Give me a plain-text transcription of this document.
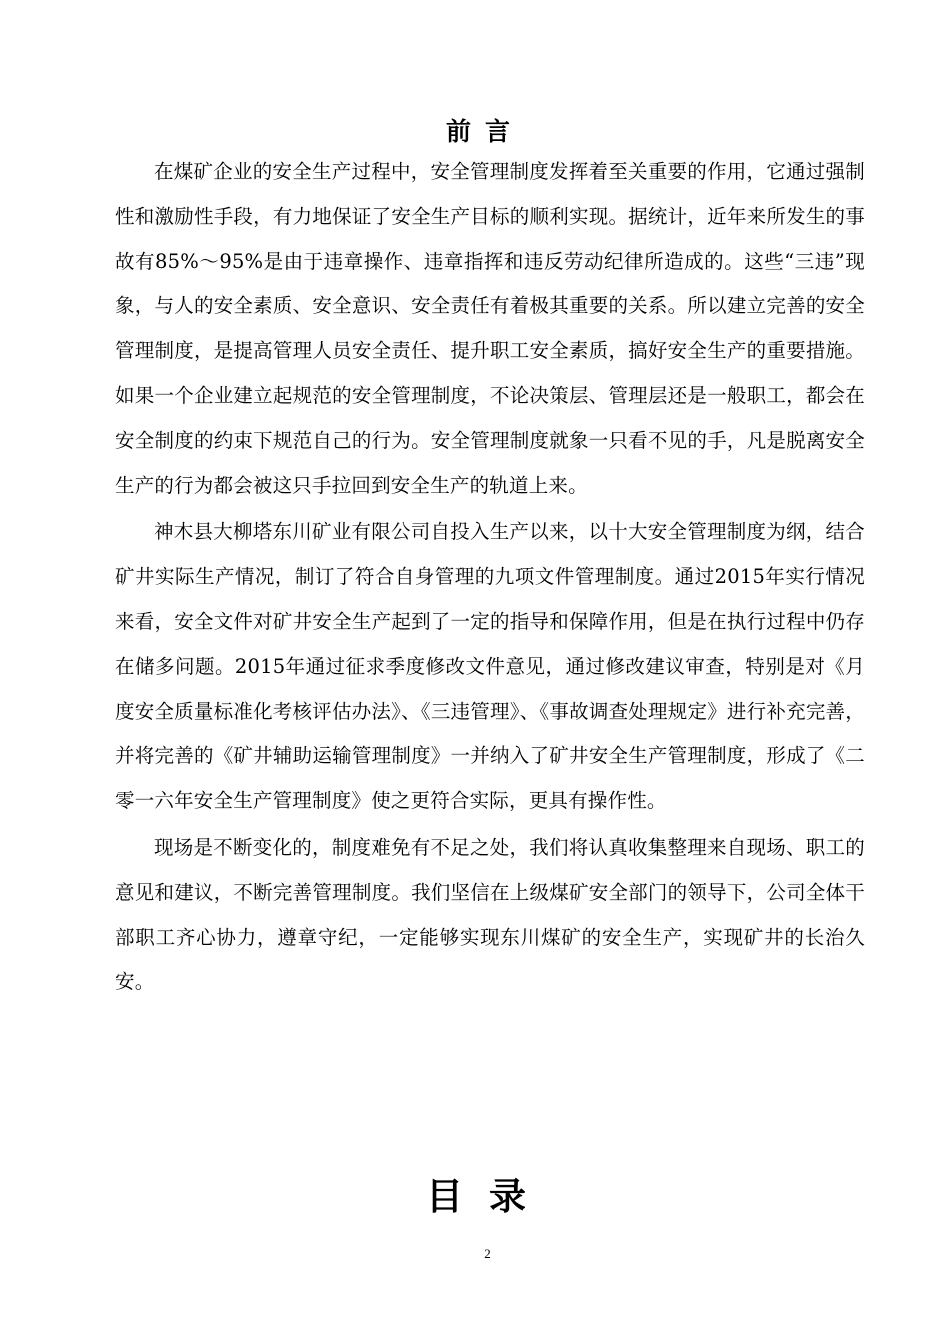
前言

在煤矿企业的安全生产过程中，安全管理制度发挥着至关重要的作用，它通过强制性和激励性手段，有力地保证了安全生产目标的顺利实现。据统计，近年来所发生的事故有85%～95%是由于违章操作、违章指挥和违反劳动纪律所造成的。这些“三违”现象，与人的安全素质、安全意识、安全责任有着极其重要的关系。所以建立完善的安全管理制度，是提高管理人员安全责任、提升职工安全素质，搞好安全生产的重要措施。如果一个企业建立起规范的安全管理制度，不论决策层、管理层还是一般职工，都会在安全制度的约束下规范自己的行为。安全管理制度就象一只看不见的手，凡是脱离安全生产的行为都会被这只手拉回到安全生产的轨道上来。

神木县大柳塔东川矿业有限公司自投入生产以来，以十大安全管理制度为纲，结合矿井实际生产情况，制订了符合自身管理的九项文件管理制度。通过2015年实行情况来看，安全文件对矿井安全生产起到了一定的指导和保障作用，但是在执行过程中仍存在储多问题。2015年通过征求季度修改文件意见，通过修改建议审查，特别是对《月度安全质量标准化考核评估办法》、《三违管理》、《事故调查处理规定》进行补充完善，并将完善的《矿井辅助运输管理制度》一并纳入了矿井安全生产管理制度，形成了《二零一六年安全生产管理制度》使之更符合实际，更具有操作性。

现场是不断变化的，制度难免有不足之处，我们将认真收集整理来自现场、职工的意见和建议，不断完善管理制度。我们坚信在上级煤矿安全部门的领导下，公司全体干部职工齐心协力，遵章守纪，一定能够实现东川煤矿的安全生产，实现矿井的长治久安。

目录
2
